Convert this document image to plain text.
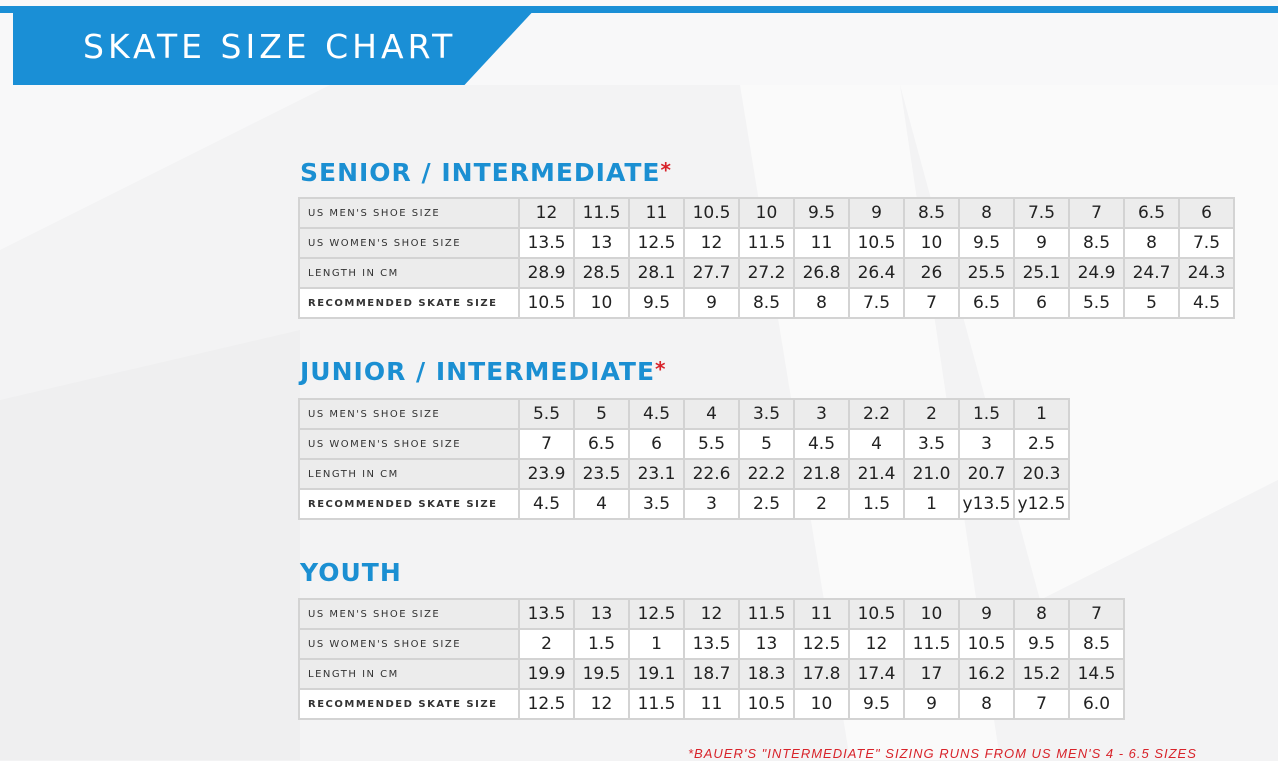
SKATE SIZE CHART
SENIOR / INTERMEDIATE*
US MEN'S SHOE SIZE	12	11.5	11	10.5	10	9.5	9	8.5	8	7.5	7	6.5	6
US WOMEN'S SHOE SIZE	13.5	13	12.5	12	11.5	11	10.5	10	9.5	9	8.5	8	7.5
LENGTH IN CM	28.9	28.5	28.1	27.7	27.2	26.8	26.4	26	25.5	25.1	24.9	24.7	24.3
RECOMMENDED SKATE SIZE	10.5	10	9.5	9	8.5	8	7.5	7	6.5	6	5.5	5	4.5
JUNIOR / INTERMEDIATE*
US MEN'S SHOE SIZE	5.5	5	4.5	4	3.5	3	2.2	2	1.5	1
US WOMEN'S SHOE SIZE	7	6.5	6	5.5	5	4.5	4	3.5	3	2.5
LENGTH IN CM	23.9	23.5	23.1	22.6	22.2	21.8	21.4	21.0	20.7	20.3
RECOMMENDED SKATE SIZE	4.5	4	3.5	3	2.5	2	1.5	1	y13.5	y12.5
YOUTH
US MEN'S SHOE SIZE	13.5	13	12.5	12	11.5	11	10.5	10	9	8	7
US WOMEN'S SHOE SIZE	2	1.5	1	13.5	13	12.5	12	11.5	10.5	9.5	8.5
LENGTH IN CM	19.9	19.5	19.1	18.7	18.3	17.8	17.4	17	16.2	15.2	14.5
RECOMMENDED SKATE SIZE	12.5	12	11.5	11	10.5	10	9.5	9	8	7	6.0
*BAUER'S "INTERMEDIATE" SIZING RUNS FROM US MEN'S 4 - 6.5 SIZES
